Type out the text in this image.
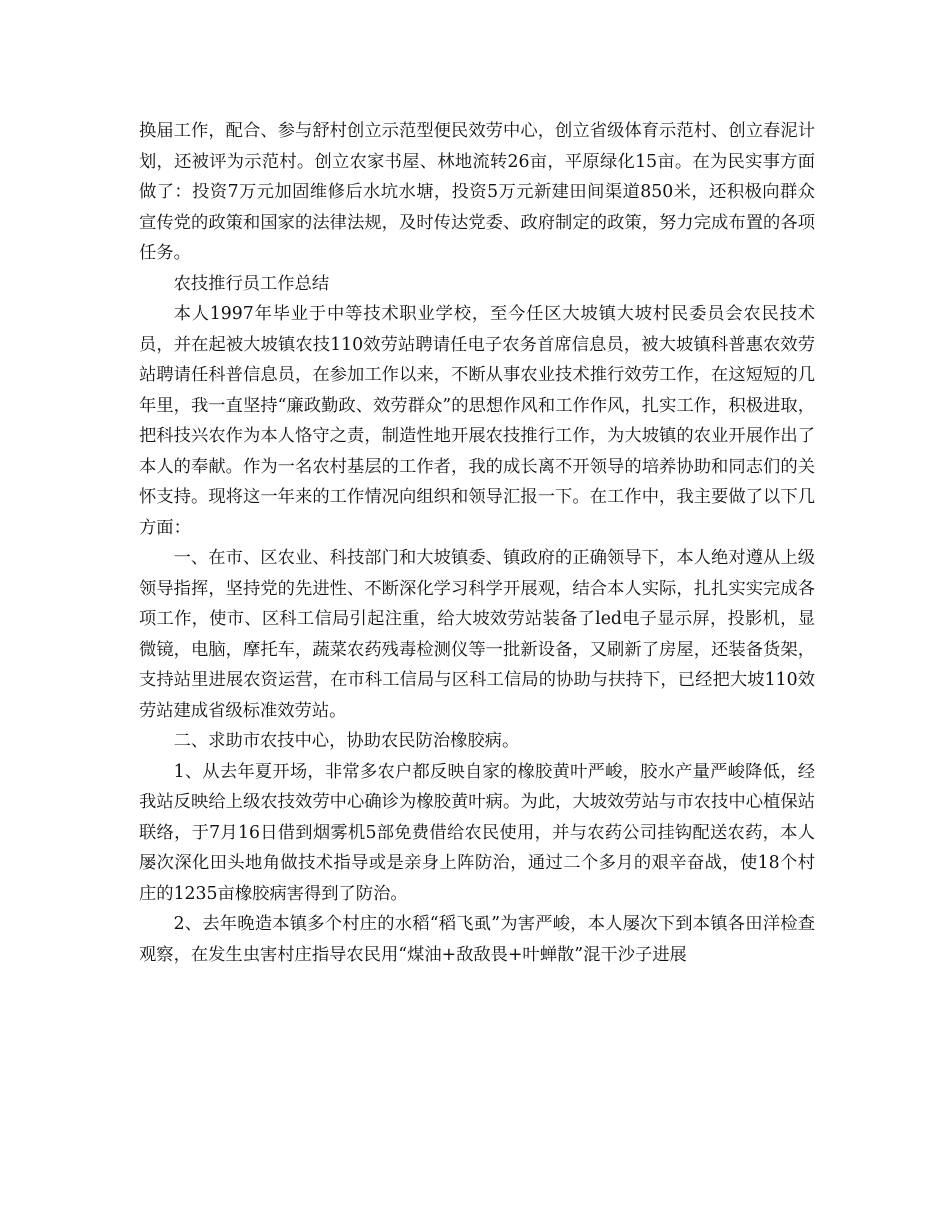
换届工作，配合、参与舒村创立示范型便民效劳中心，创立省级体育示范村、创立春泥计划，还被评为示范村。创立农家书屋、林地流转26亩，平原绿化15亩。在为民实事方面做了：投资7万元加固维修后水坑水塘，投资5万元新建田间渠道850米，还积极向群众宣传党的政策和国家的法律法规，及时传达党委、政府制定的政策，努力完成布置的各项任务。

农技推行员工作总结

本人1997年毕业于中等技术职业学校，至今任区大坡镇大坡村民委员会农民技术员，并在起被大坡镇农技110效劳站聘请任电子农务首席信息员，被大坡镇科普惠农效劳站聘请任科普信息员，在参加工作以来，不断从事农业技术推行效劳工作，在这短短的几年里，我一直坚持“廉政勤政、效劳群众”的思想作风和工作作风，扎实工作，积极进取，把科技兴农作为本人恪守之责，制造性地开展农技推行工作，为大坡镇的农业开展作出了本人的奉献。作为一名农村基层的工作者，我的成长离不开领导的培养协助和同志们的关怀支持。现将这一年来的工作情况向组织和领导汇报一下。在工作中，我主要做了以下几方面：

一、在市、区农业、科技部门和大坡镇委、镇政府的正确领导下，本人绝对遵从上级领导指挥，坚持党的先进性、不断深化学习科学开展观，结合本人实际，扎扎实实完成各项工作，使市、区科工信局引起注重，给大坡效劳站装备了led电子显示屏，投影机，显微镜，电脑，摩托车，蔬菜农药残毒检测仪等一批新设备，又刷新了房屋，还装备货架，支持站里进展农资运营，在市科工信局与区科工信局的协助与扶持下，已经把大坡110效劳站建成省级标准效劳站。

二、求助市农技中心，协助农民防治橡胶病。

1、从去年夏开场，非常多农户都反映自家的橡胶黄叶严峻，胶水产量严峻降低，经我站反映给上级农技效劳中心确诊为橡胶黄叶病。为此，大坡效劳站与市农技中心植保站联络，于7月16日借到烟雾机5部免费借给农民使用，并与农药公司挂钩配送农药，本人屡次深化田头地角做技术指导或是亲身上阵防治，通过二个多月的艰辛奋战，使18个村庄的1235亩橡胶病害得到了防治。

2、去年晚造本镇多个村庄的水稻“稻飞虱”为害严峻，本人屡次下到本镇各田洋检查观察，在发生虫害村庄指导农民用“煤油+敌敌畏+叶蝉散”混干沙子进展
